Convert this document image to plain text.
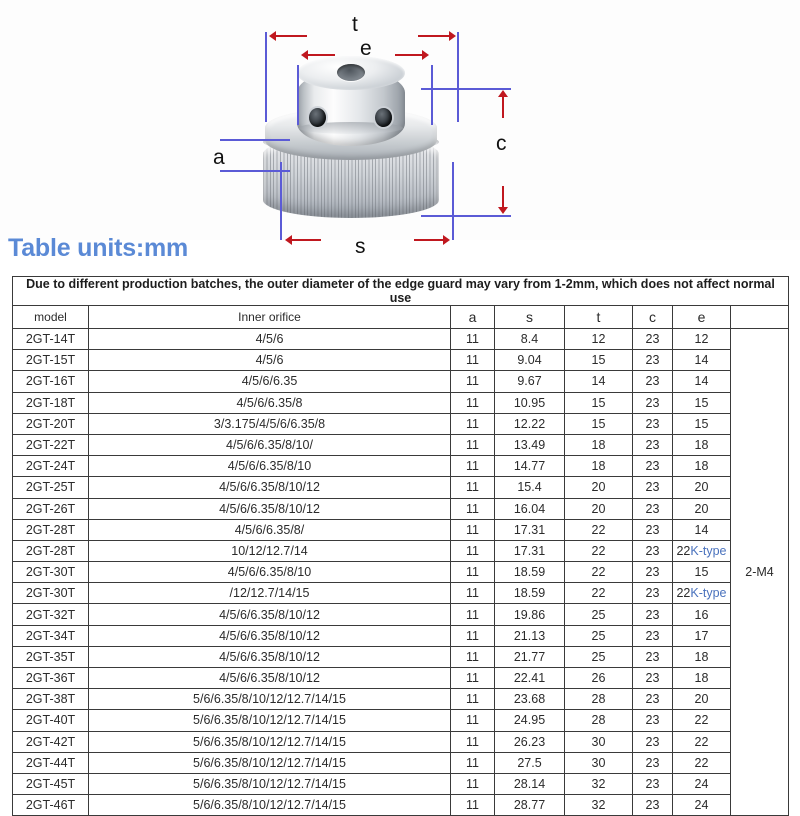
t
e
c
a
s
Table units:mm
Due to different production batches, the outer diameter of the edge guard may vary from 1-2mm, which does not affect normal use							
model	Inner orifice	a	s	t	c	e	
2GT-14T	4/5/6	11	8.4	12	23	12	2-M4
2GT-15T	4/5/6	11	9.04	15	23	14	
2GT-16T	4/5/6/6.35	11	9.67	14	23	14	
2GT-18T	4/5/6/6.35/8	11	10.95	15	23	15	
2GT-20T	3/3.175/4/5/6/6.35/8	11	12.22	15	23	15	
2GT-22T	4/5/6/6.35/8/10/	11	13.49	18	23	18	
2GT-24T	4/5/6/6.35/8/10	11	14.77	18	23	18	
2GT-25T	4/5/6/6.35/8/10/12	11	15.4	20	23	20	
2GT-26T	4/5/6/6.35/8/10/12	11	16.04	20	23	20	
2GT-28T	4/5/6/6.35/8/	11	17.31	22	23	14	
2GT-28T	10/12/12.7/14	11	17.31	22	23	22K-type	
2GT-30T	4/5/6/6.35/8/10	11	18.59	22	23	15	
2GT-30T	/12/12.7/14/15	11	18.59	22	23	22K-type	
2GT-32T	4/5/6/6.35/8/10/12	11	19.86	25	23	16	
2GT-34T	4/5/6/6.35/8/10/12	11	21.13	25	23	17	
2GT-35T	4/5/6/6.35/8/10/12	11	21.77	25	23	18	
2GT-36T	4/5/6/6.35/8/10/12	11	22.41	26	23	18	
2GT-38T	5/6/6.35/8/10/12/12.7/14/15	11	23.68	28	23	20	
2GT-40T	5/6/6.35/8/10/12/12.7/14/15	11	24.95	28	23	22	
2GT-42T	5/6/6.35/8/10/12/12.7/14/15	11	26.23	30	23	22	
2GT-44T	5/6/6.35/8/10/12/12.7/14/15	11	27.5	30	23	22	
2GT-45T	5/6/6.35/8/10/12/12.7/14/15	11	28.14	32	23	24	
2GT-46T	5/6/6.35/8/10/12/12.7/14/15	11	28.77	32	23	24	
